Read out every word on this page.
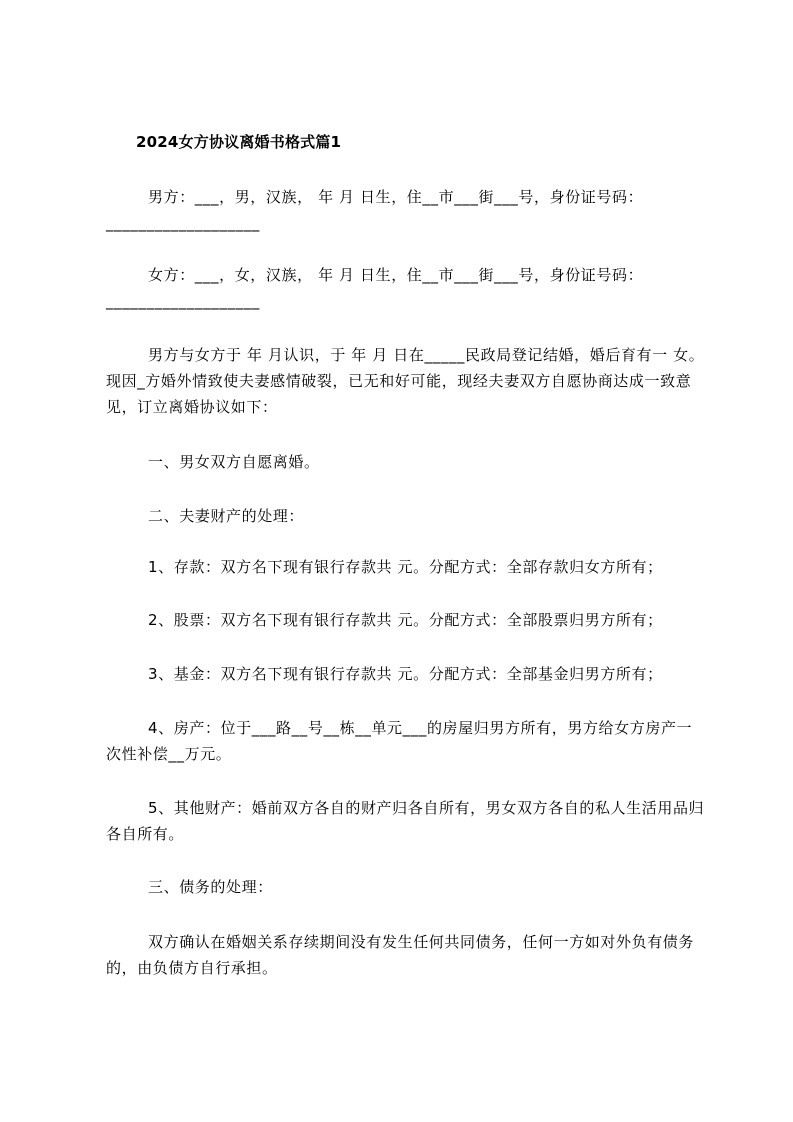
2024女方协议离婚书格式篇1

男方：___，男，汉族， 年 月 日生，住__市___街___号，身份证号码：___________________

女方：___，女，汉族， 年 月 日生，住__市___街___号，身份证号码：___________________

男方与女方于 年 月认识，于 年 月 日在_____民政局登记结婚，婚后育有一 女。现因_方婚外情致使夫妻感情破裂，已无和好可能，现经夫妻双方自愿协商达成一致意见，订立离婚协议如下：

一、男女双方自愿离婚。

二、夫妻财产的处理：

1、存款：双方名下现有银行存款共 元。分配方式：全部存款归女方所有；

2、股票：双方名下现有银行存款共 元。分配方式：全部股票归男方所有；

3、基金：双方名下现有银行存款共 元。分配方式：全部基金归男方所有；

4、房产：位于___路__号__栋__单元___的房屋归男方所有，男方给女方房产一次性补偿__万元。

5、其他财产：婚前双方各自的财产归各自所有，男女双方各自的私人生活用品归各自所有。

三、债务的处理：

双方确认在婚姻关系存续期间没有发生任何共同债务，任何一方如对外负有债务的，由负债方自行承担。
